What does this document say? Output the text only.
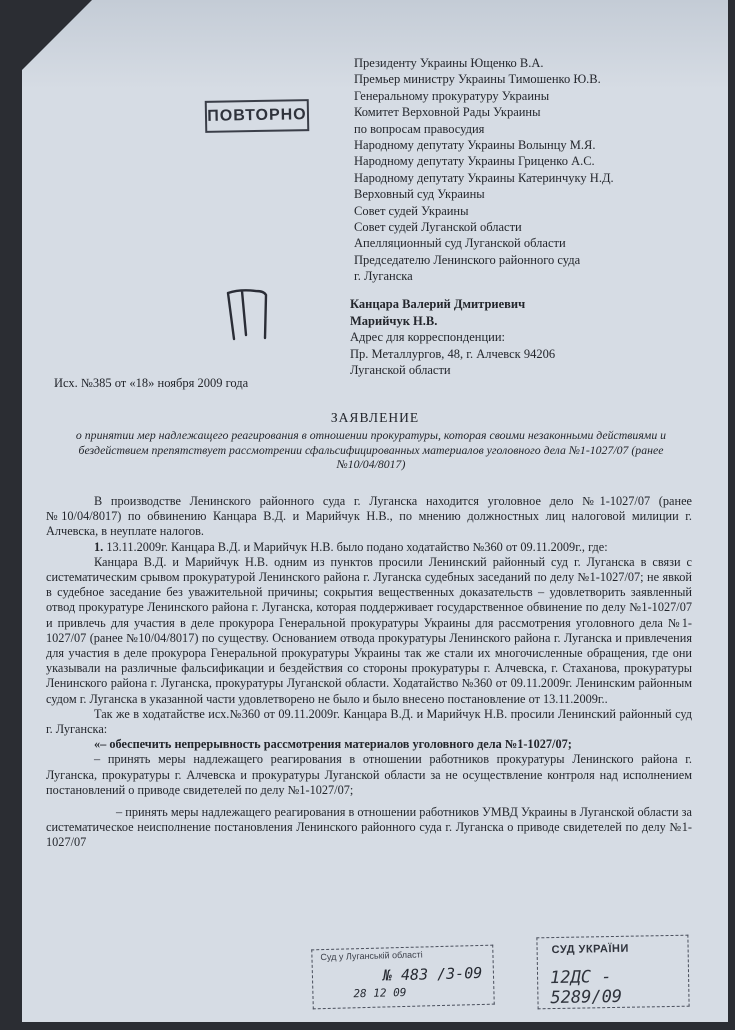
ПОВТОРНО
Президенту Украины Ющенко В.А.
Премьер министру Украины Тимошенко Ю.В.
Генеральному прокуратуру Украины
Комитет Верховной Рады Украины
по вопросам правосудия
Народному депутату Украины Волынцу М.Я.
Народному депутату Украины Гриценко А.С.
Народному депутату Украины Катеринчуку Н.Д.
Верховный суд Украины
Совет судей Украины
Совет судей Луганской области
Апелляционный суд Луганской области
Председателю Ленинского районного суда
г. Луганска
Канцара Валерий Дмитриевич
Марийчук Н.В.
Адрес для корреспонденции:
Пр. Металлургов, 48, г. Алчевск 94206
Луганской области
Исх. №385 от «18» ноября 2009 года
ЗАЯВЛЕНИЕ
о принятии мер надлежащего реагирования в отношении прокуратуры, которая своими незаконными действиями и бездействием препятствует рассмотрении сфальсифицированных материалов уголовного дела №1-1027/07 (ранее №10/04/8017)

В производстве Ленинского районного суда г. Луганска находится уголовное дело №1-1027/07 (ранее №10/04/8017) по обвинению Канцара В.Д. и Марийчук Н.В., по мнению должностных лиц налоговой милиции г. Алчевска, в неуплате налогов.

1. 13.11.2009г. Канцара В.Д. и Марийчук Н.В. было подано ходатайство №360 от 09.11.2009г., где:

Канцара В.Д. и Марийчук Н.В. одним из пунктов просили Ленинский районный суд г. Луганска в связи с систематическим срывом прокуратурой Ленинского района г. Луганска судебных заседаний по делу №1-1027/07; не явкой в судебное заседание без уважительной причины; сокрытия вещественных доказательств – удовлетворить заявленный отвод прокуратуре Ленинского района г. Луганска, которая поддерживает государственное обвинение по делу №1-1027/07 и привлечь для участия в деле прокурора Генеральной прокуратуры Украины для рассмотрения уголовного дела №1-1027/07 (ранее №10/04/8017) по существу. Основанием отвода прокуратуры Ленинского района г. Луганска и привлечения для участия в деле прокурора Генеральной прокуратуры Украины так же стали их многочисленные обращения, где они указывали на различные фальсификации и бездействия со стороны прокуратуры г. Алчевска, г. Стаханова, прокуратуры Ленинского района г. Луганска, прокуратуры Луганской области. Ходатайство №360 от 09.11.2009г. Ленинским районным судом г. Луганска в указанной части удовлетворено не было и было внесено постановление от 13.11.2009г..

Так же в ходатайстве исх.№360 от 09.11.2009г. Канцара В.Д. и Марийчук Н.В. просили Ленинский районный суд г. Луганска:

«– обеспечить непрерывность рассмотрения материалов уголовного дела №1-1027/07;

– принять меры надлежащего реагирования в отношении работников прокуратуры Ленинского района г. Луганска, прокуратуры г. Алчевска и прокуратуры Луганской области за не осуществление контроля над исполнением постановлений о приводе свидетелей по делу №1-1027/07;

– принять меры надлежащего реагирования в отношении работников УМВД Украины в Луганской области за систематическое неисполнение постановления Ленинского районного суда г. Луганска о приводе свидетелей по делу №1-1027/07

Суд у Луганській області
№ 483 /3-09
28 12 09
СУД УКРАЇНИ
12ДС - 5289/09
